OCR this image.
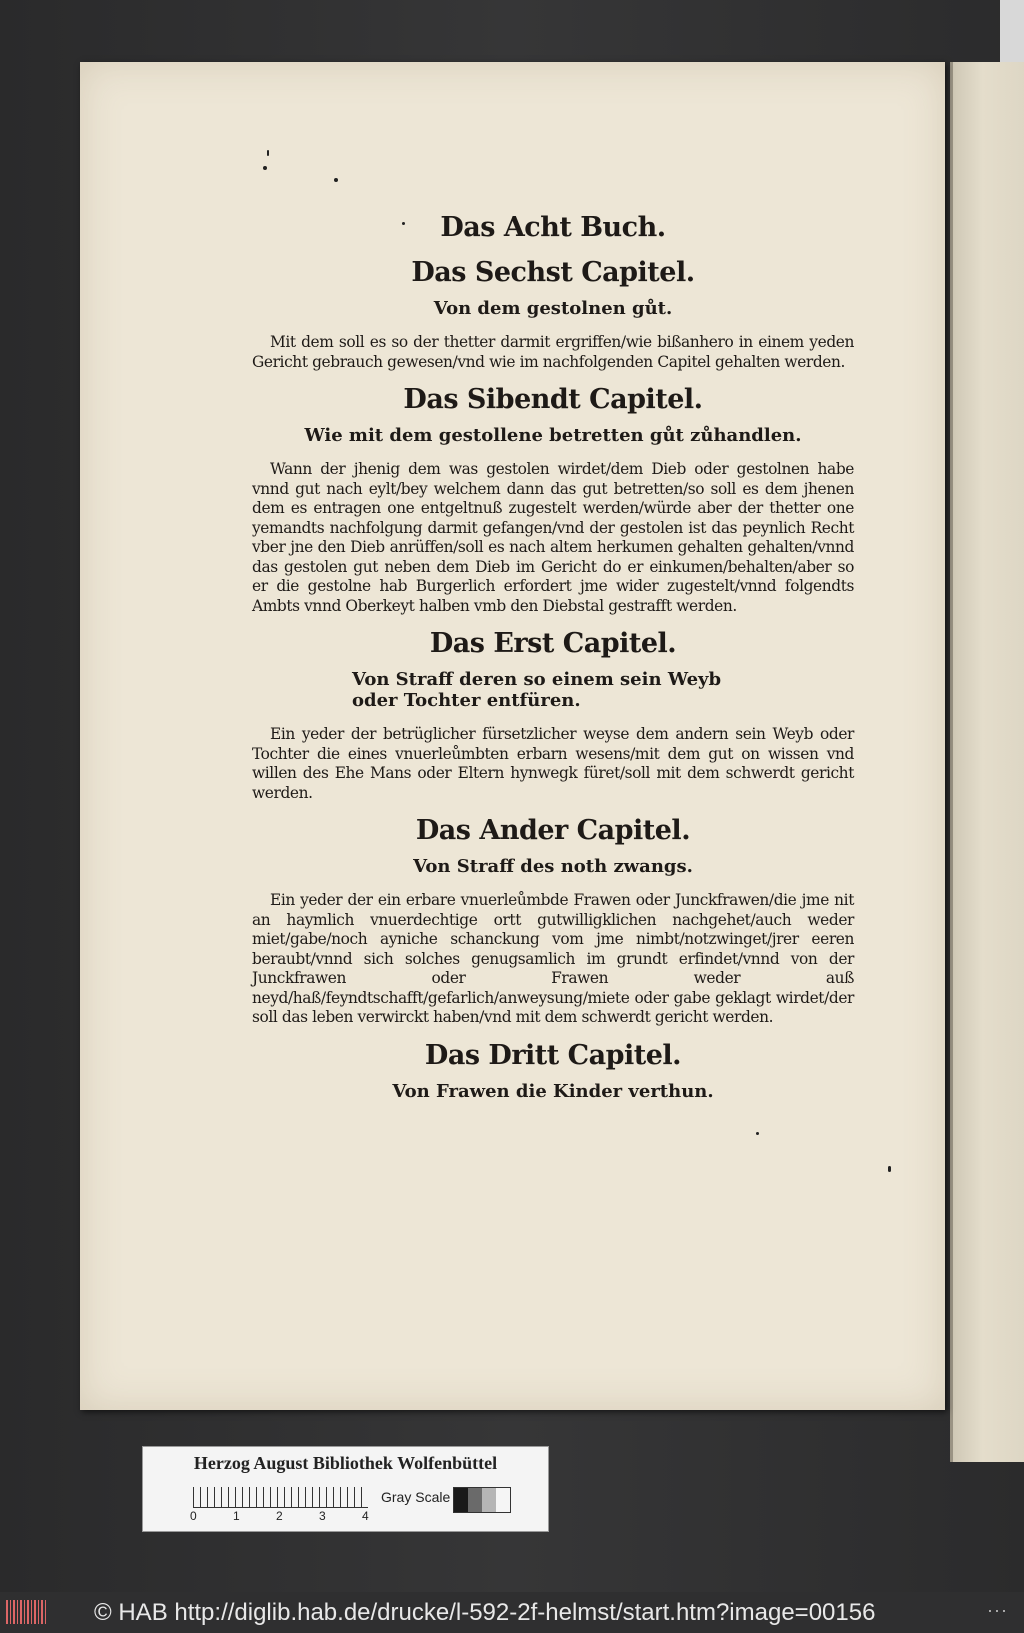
Das Acht Buch.
Das Sechst Capitel.
Von dem gestolnen gůt.

Mit dem soll es so der thetter darmit ergriffen/wie bißanhero in einem yeden Gericht gebrauch gewesen/vnd wie im nachfolgenden Capitel gehalten werden.

Das Sibendt Capitel.
Wie mit dem gestollene betretten gůt zůhandlen.

Wann der jhenig dem was gestolen wirdet/dem Dieb oder gestolnen habe vnnd gut nach eylt/bey welchem dann das gut betretten/so soll es dem jhenen dem es entragen one entgeltnuß zugestelt werden/würde aber der thetter one yemandts nachfolgung darmit gefangen/vnd der gestolen ist das peynlich Recht vber jne den Dieb anrüffen/soll es nach altem herkumen gehalten gehalten/vnnd das gestolen gut neben dem Dieb im Gericht do er einkumen/behalten/aber so er die gestolne hab Burgerlich erfordert jme wider zugestelt/vnnd folgendts Ambts vnnd Oberkeyt halben vmb den Diebstal gestrafft werden.

Das Erst Capitel.
Von Straff deren so einem sein Weyb oder Tochter entfüren.

Ein yeder der betrüglicher fürsetzlicher weyse dem andern sein Weyb oder Tochter die eines vnuerleůmbten erbarn wesens/mit dem gut on wissen vnd willen des Ehe Mans oder Eltern hynwegk füret/soll mit dem schwerdt gericht werden.

Das Ander Capitel.
Von Straff des noth zwangs.

Ein yeder der ein erbare vnuerleůmbde Frawen oder Junckfrawen/die jme nit an haymlich vnuerdechtige ortt gutwilligklichen nachgehet/auch weder miet/gabe/noch ayniche schanckung vom jme nimbt/notzwinget/jrer eeren beraubt/vnnd sich solches genugsamlich im grundt erfindet/vnnd von der Junckfrawen oder Frawen weder auß neyd/haß/feyndtschafft/gefarlich/anweysung/miete oder gabe geklagt wirdet/der soll das leben verwirckt haben/vnd mit dem schwerdt gericht werden.

Das Dritt Capitel.
Von Frawen die Kinder verthun.
Herzog August Bibliothek Wolfenbüttel
0	1	2	3	4
Gray Scale
© HAB http://diglib.hab.de/drucke/l-592-2f-helmst/start.htm?image=00156	···
